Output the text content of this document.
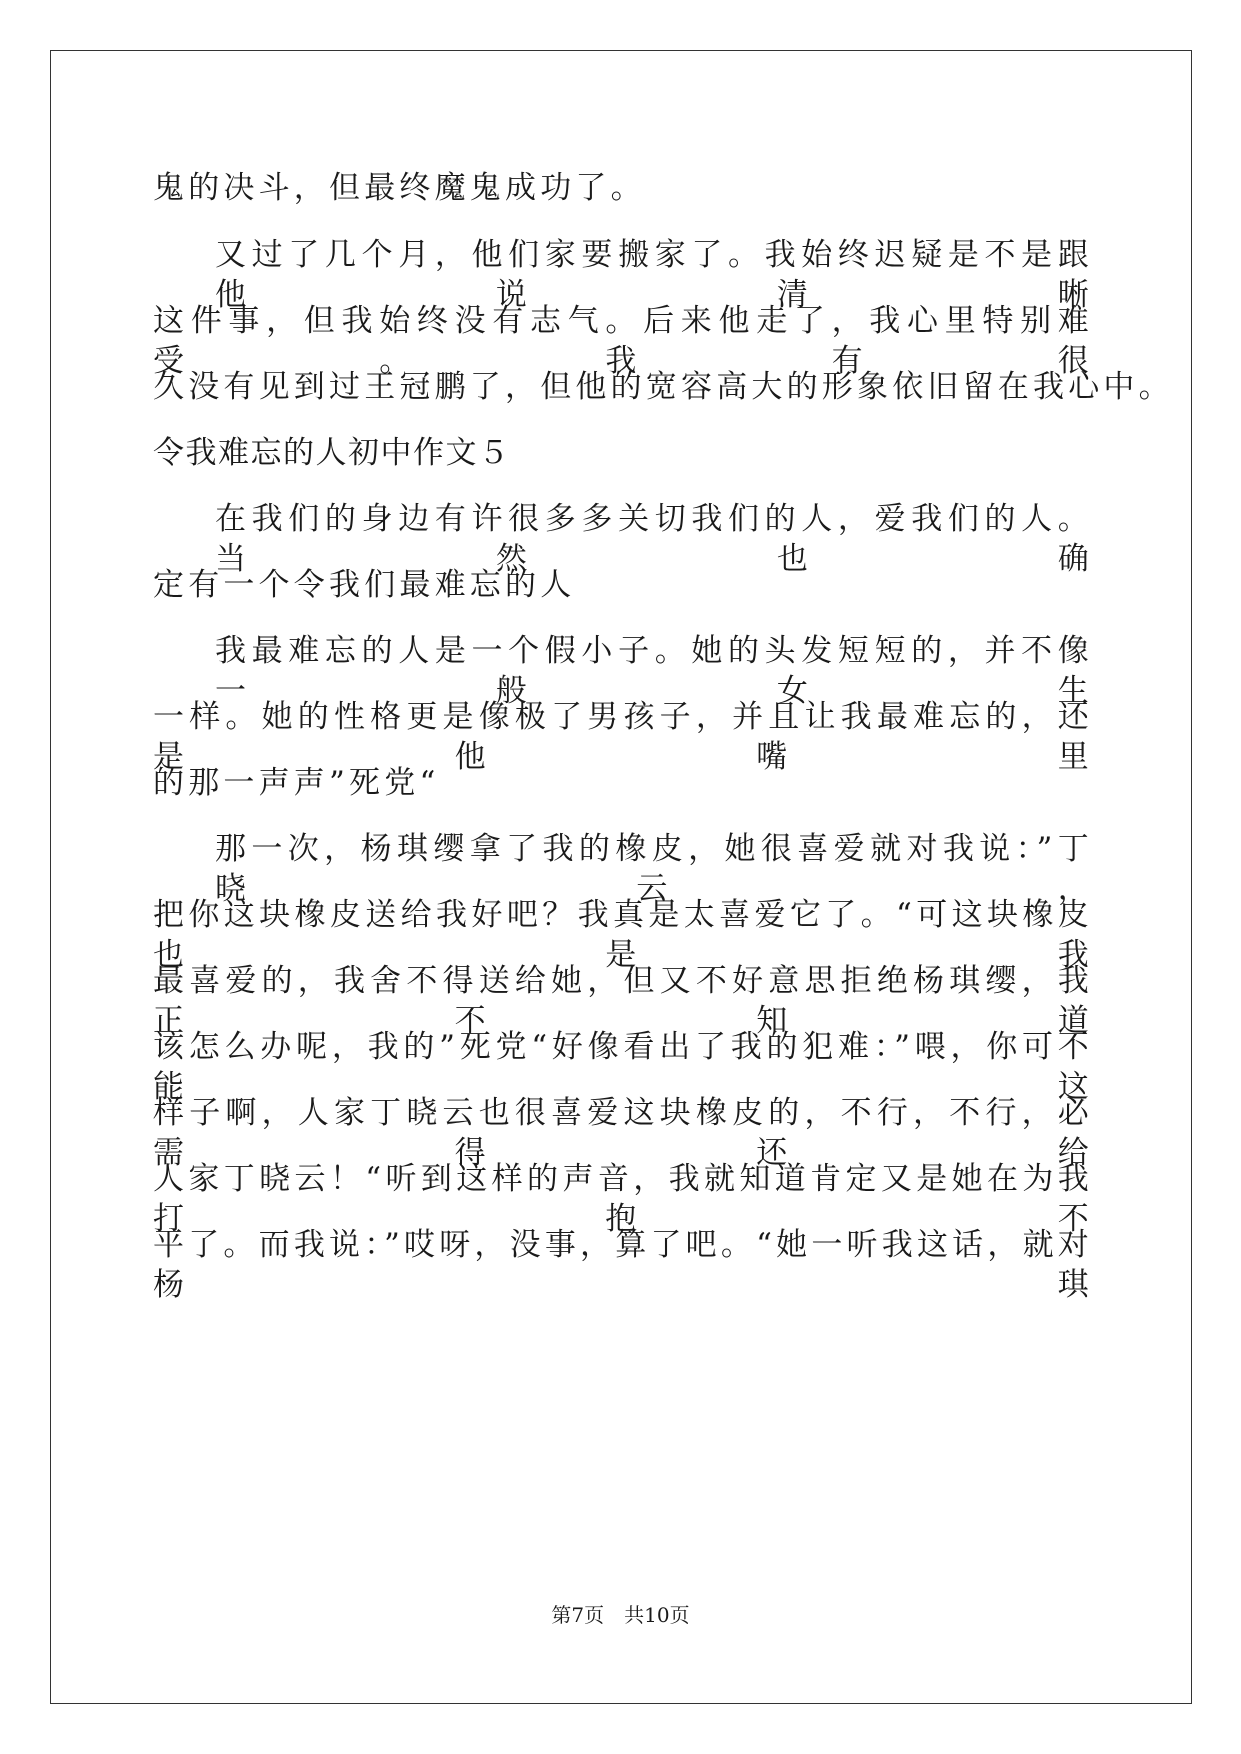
鬼的决斗，但最终魔鬼成功了。
又过了几个月，他们家要搬家了。我始终迟疑是不是跟他说清晰
这件事，但我始终没有志气。后来他走了，我心里特别难受。我有很
久没有见到过王冠鹏了，但他的宽容高大的形象依旧留在我心中。
令我难忘的人初中作文５
在我们的身边有许很多多关切我们的人，爱我们的人。当然也确
定有一个令我们最难忘的人
我最难忘的人是一个假小子。她的头发短短的，并不像一般女生
一样。她的性格更是像极了男孩子，并且让我最难忘的，还是他嘴里
的那一声声”死党“
那一次，杨琪缨拿了我的橡皮，她很喜爱就对我说：”丁晓云，
把你这块橡皮送给我好吧？我真是太喜爱它了。“可这块橡皮也是我
最喜爱的，我舍不得送给她，但又不好意思拒绝杨琪缨，我正不知道
该怎么办呢，我的”死党“好像看出了我的犯难：”喂，你可不能这
样子啊，人家丁晓云也很喜爱这块橡皮的，不行，不行，必需得还给
人家丁晓云！“听到这样的声音，我就知道肯定又是她在为我打抱不
平了。而我说：”哎呀，没事，算了吧。“她一听我这话，就对杨琪
第7页　共10页
